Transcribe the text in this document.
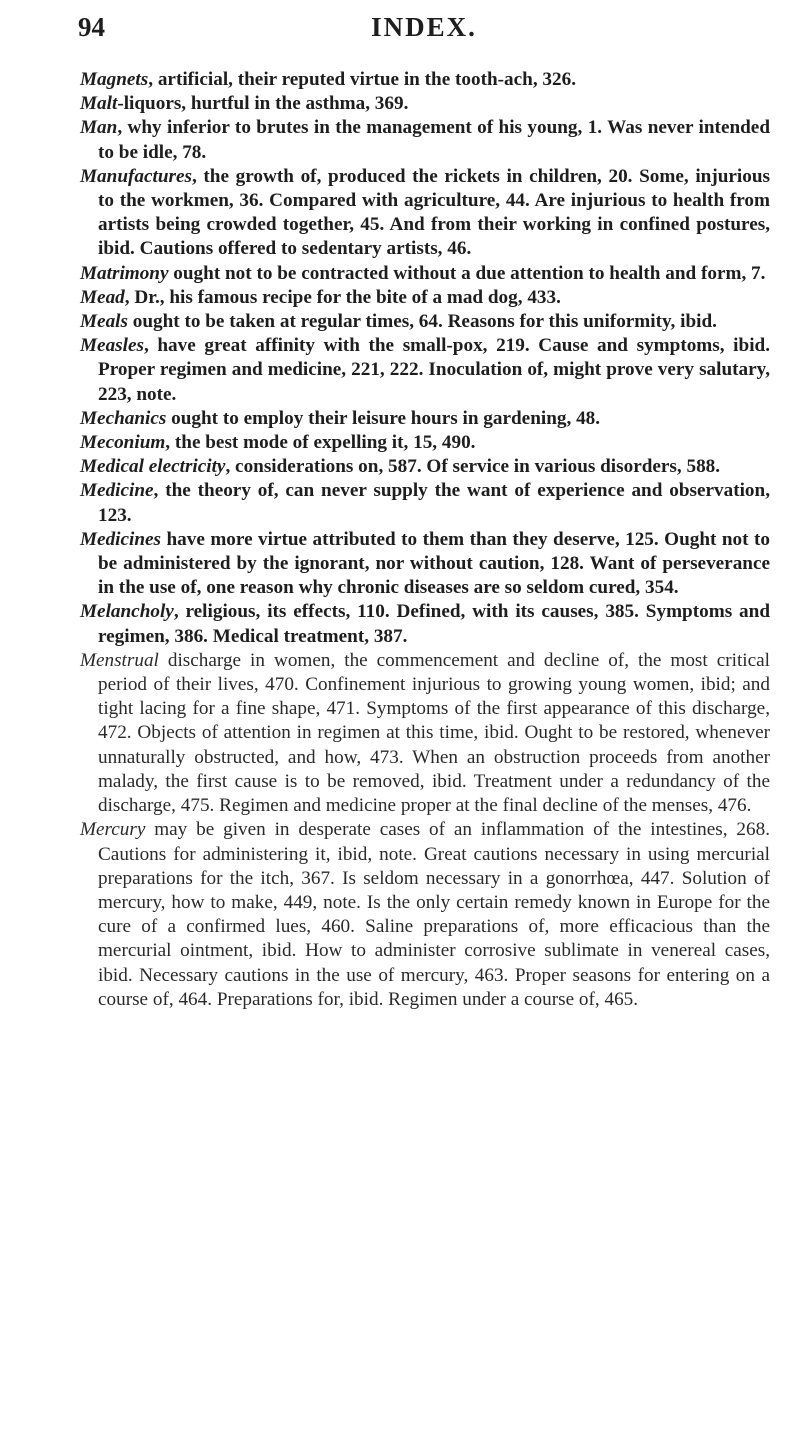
94	INDEX.

Magnets, artificial, their reputed virtue in the tooth-ach, 326.

Malt-liquors, hurtful in the asthma, 369.

Man, why inferior to brutes in the management of his young, 1. Was never intended to be idle, 78.

Manufactures, the growth of, produced the rickets in children, 20. Some, injurious to the workmen, 36. Compared with agriculture, 44. Are injurious to health from artists being crowded together, 45. And from their working in confined postures, ibid. Cautions offered to sedentary artists, 46.

Matrimony ought not to be contracted without a due attention to health and form, 7.

Mead, Dr., his famous recipe for the bite of a mad dog, 433.

Meals ought to be taken at regular times, 64. Reasons for this uniformity, ibid.

Measles, have great affinity with the small-pox, 219. Cause and symptoms, ibid. Proper regimen and medicine, 221, 222. Inoculation of, might prove very salutary, 223, note.

Mechanics ought to employ their leisure hours in gardening, 48.

Meconium, the best mode of expelling it, 15, 490.

Medical electricity, considerations on, 587. Of service in various disorders, 588.

Medicine, the theory of, can never supply the want of experience and observation, 123.

Medicines have more virtue attributed to them than they deserve, 125. Ought not to be administered by the ignorant, nor without caution, 128. Want of perseverance in the use of, one reason why chronic diseases are so seldom cured, 354.

Melancholy, religious, its effects, 110. Defined, with its causes, 385. Symptoms and regimen, 386. Medical treatment, 387.

Menstrual discharge in women, the commencement and decline of, the most critical period of their lives, 470. Confinement injurious to growing young women, ibid; and tight lacing for a fine shape, 471. Symptoms of the first appearance of this discharge, 472. Objects of attention in regimen at this time, ibid. Ought to be restored, whenever unnaturally obstructed, and how, 473. When an obstruction proceeds from another malady, the first cause is to be removed, ibid. Treatment under a redundancy of the discharge, 475. Regimen and medicine proper at the final decline of the menses, 476.

Mercury may be given in desperate cases of an inflammation of the intestines, 268. Cautions for administering it, ibid, note. Great cautions necessary in using mercurial preparations for the itch, 367. Is seldom necessary in a gonorrhœa, 447. Solution of mercury, how to make, 449, note. Is the only certain remedy known in Europe for the cure of a confirmed lues, 460. Saline preparations of, more efficacious than the mercurial ointment, ibid. How to administer corrosive sublimate in venereal cases, ibid. Necessary cautions in the use of mercury, 463. Proper seasons for entering on a course of, 464. Preparations for, ibid. Regimen under a course of, 465.
